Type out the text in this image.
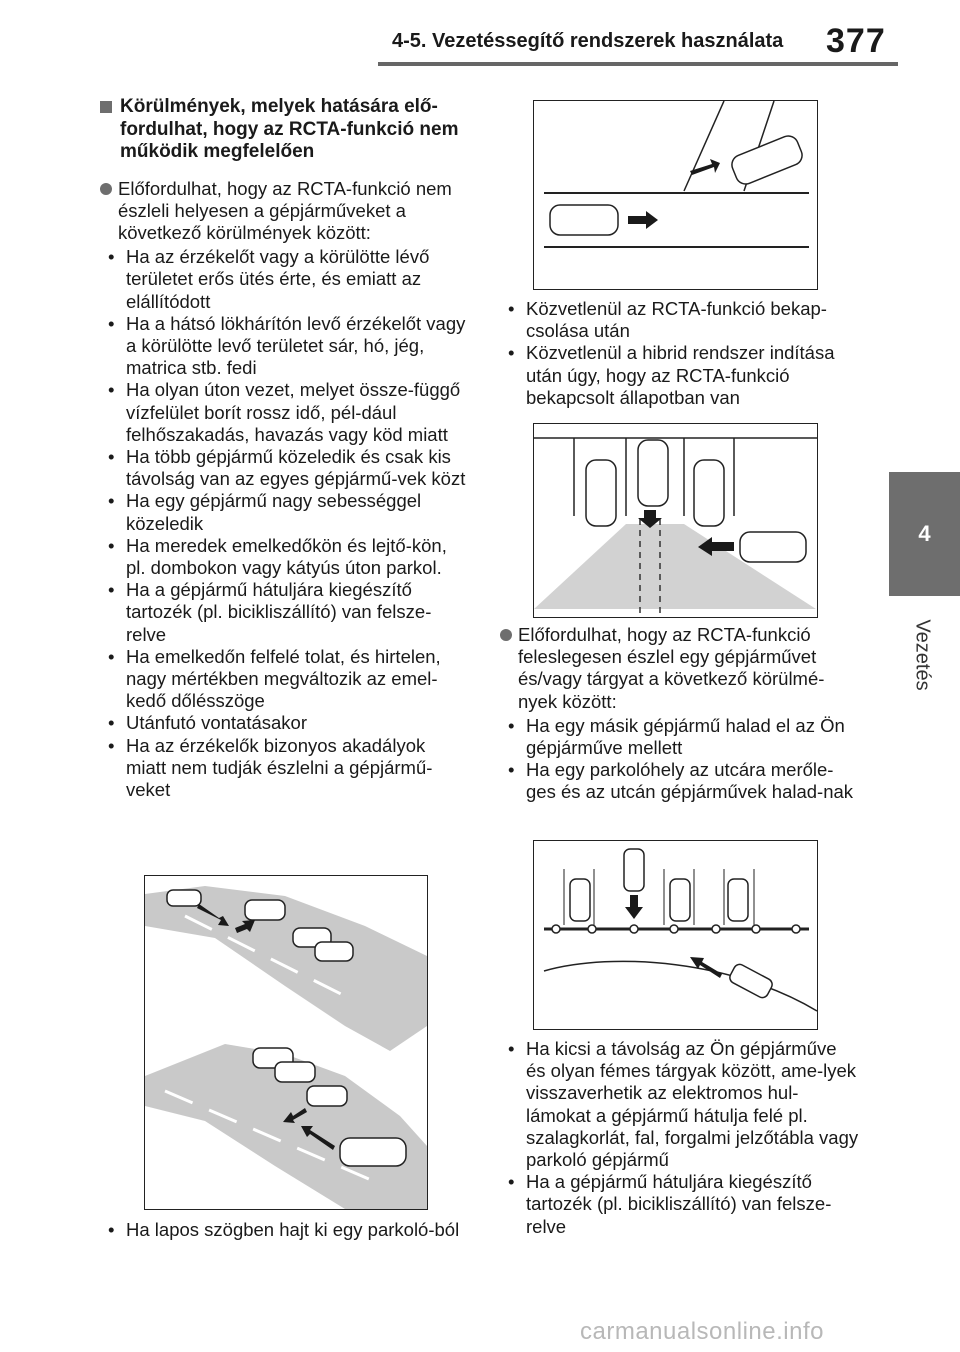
4-5. Vezetéssegítő rendszerek használata 377
4
Vezetés
Körülmények, melyek hatására elő-fordulhat, hogy az RCTA-funkció nem működik megfelelően
Előfordulhat, hogy az RCTA-funkció nem észleli helyesen a gépjárműveket a következő körülmények között:
• Ha az érzékelőt vagy a körülötte lévő területet erős ütés érte, és emiatt az elállítódott
• Ha a hátsó lökhárítón levő érzékelőt vagy a körülötte levő területet sár, hó, jég, matrica stb. fedi
• Ha olyan úton vezet, melyet össze-függő vízfelület borít rossz idő, pél-dául felhőszakadás, havazás vagy köd miatt
• Ha több gépjármű közeledik és csak kis távolság van az egyes gépjármű-vek közt
• Ha egy gépjármű nagy sebességgel közeledik
• Ha meredek emelkedőkön és lejtő-kön, pl. dombokon vagy kátyús úton parkol.
• Ha a gépjármű hátuljára kiegészítő tartozék (pl. bicikliszállító) van felsze-relve
• Ha emelkedőn felfelé tolat, és hirtelen, nagy mértékben megváltozik az emel-kedő dőlésszöge
• Utánfutó vontatásakor
• Ha az érzékelők bizonyos akadályok miatt nem tudják észlelni a gépjármű-veket
• Ha lapos szögben hajt ki egy parkoló-ból
• Közvetlenül az RCTA-funkció bekap-csolása után
• Közvetlenül a hibrid rendszer indítása után úgy, hogy az RCTA-funkció bekapcsolt állapotban van
Előfordulhat, hogy az RCTA-funkció feleslegesen észlel egy gépjárművet és/vagy tárgyat a következő körülmé-nyek között:
• Ha egy másik gépjármű halad el az Ön gépjárműve mellett
• Ha egy parkolóhely az utcára merőle-ges és az utcán gépjárművek halad-nak
• Ha kicsi a távolság az Ön gépjárműve és olyan fémes tárgyak között, ame-lyek visszaverhetik az elektromos hul-lámokat a gépjármű hátulja felé pl. szalagkorlát, fal, forgalmi jelzőtábla vagy parkoló gépjármű
• Ha a gépjármű hátuljára kiegészítő tartozék (pl. bicikliszállító) van felsze-relve
carmanualsonline.info
